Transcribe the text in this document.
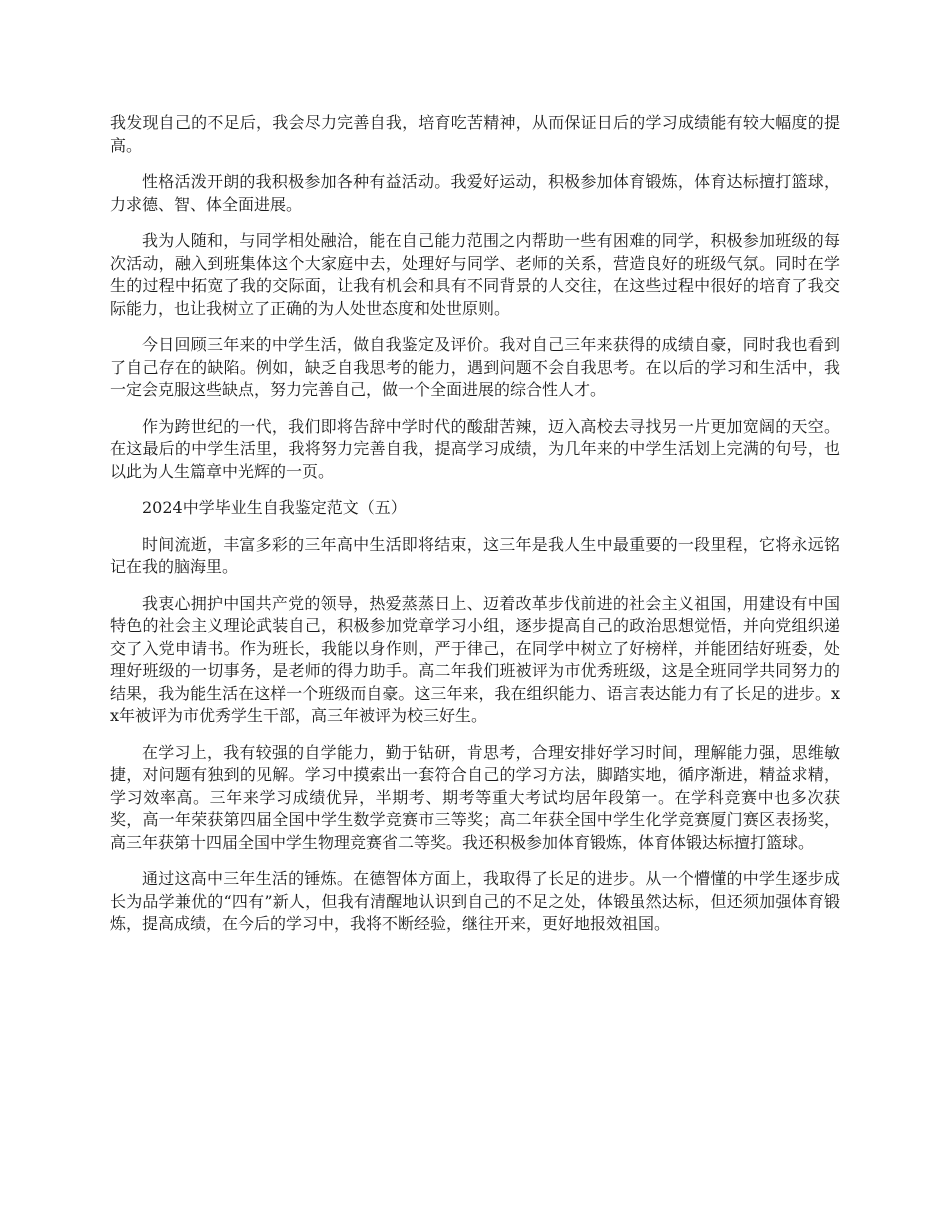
我发现自己的不足后，我会尽力完善自我，培育吃苦精神，从而保证日后的学习成绩能有较大幅度的提高。

性格活泼开朗的我积极参加各种有益活动。我爱好运动，积极参加体育锻炼，体育达标擅打篮球，力求德、智、体全面进展。

我为人随和，与同学相处融洽，能在自己能力范围之内帮助一些有困难的同学，积极参加班级的每次活动，融入到班集体这个大家庭中去，处理好与同学、老师的关系，营造良好的班级气氛。同时在学生的过程中拓宽了我的交际面，让我有机会和具有不同背景的人交往，在这些过程中很好的培育了我交际能力，也让我树立了正确的为人处世态度和处世原则。

今日回顾三年来的中学生活，做自我鉴定及评价。我对自己三年来获得的成绩自豪，同时我也看到了自己存在的缺陷。例如，缺乏自我思考的能力，遇到问题不会自我思考。在以后的学习和生活中，我一定会克服这些缺点，努力完善自己，做一个全面进展的综合性人才。

作为跨世纪的一代，我们即将告辞中学时代的酸甜苦辣，迈入高校去寻找另一片更加宽阔的天空。在这最后的中学生活里，我将努力完善自我，提高学习成绩，为几年来的中学生活划上完满的句号，也以此为人生篇章中光辉的一页。

2024中学毕业生自我鉴定范文（五）

时间流逝，丰富多彩的三年高中生活即将结束，这三年是我人生中最重要的一段里程，它将永远铭记在我的脑海里。

我衷心拥护中国共产党的领导，热爱蒸蒸日上、迈着改革步伐前进的社会主义祖国，用建设有中国特色的社会主义理论武装自己，积极参加党章学习小组，逐步提高自己的政治思想觉悟，并向党组织递交了入党申请书。作为班长，我能以身作则，严于律己，在同学中树立了好榜样，并能团结好班委，处理好班级的一切事务，是老师的得力助手。高二年我们班被评为市优秀班级，这是全班同学共同努力的结果，我为能生活在这样一个班级而自豪。这三年来，我在组织能力、语言表达能力有了长足的进步。xx年被评为市优秀学生干部，高三年被评为校三好生。

在学习上，我有较强的自学能力，勤于钻研，肯思考，合理安排好学习时间，理解能力强，思维敏捷，对问题有独到的见解。学习中摸索出一套符合自己的学习方法，脚踏实地，循序渐进，精益求精，学习效率高。三年来学习成绩优异，半期考、期考等重大考试均居年段第一。在学科竞赛中也多次获奖，高一年荣获第四届全国中学生数学竞赛市三等奖；高二年获全国中学生化学竞赛厦门赛区表扬奖，高三年获第十四届全国中学生物理竞赛省二等奖。我还积极参加体育锻炼，体育体锻达标擅打篮球。

通过这高中三年生活的锤炼。在德智体方面上，我取得了长足的进步。从一个懵懂的中学生逐步成长为品学兼优的“四有”新人，但我有清醒地认识到自己的不足之处，体锻虽然达标，但还须加强体育锻炼，提高成绩，在今后的学习中，我将不断经验，继往开来，更好地报效祖国。
